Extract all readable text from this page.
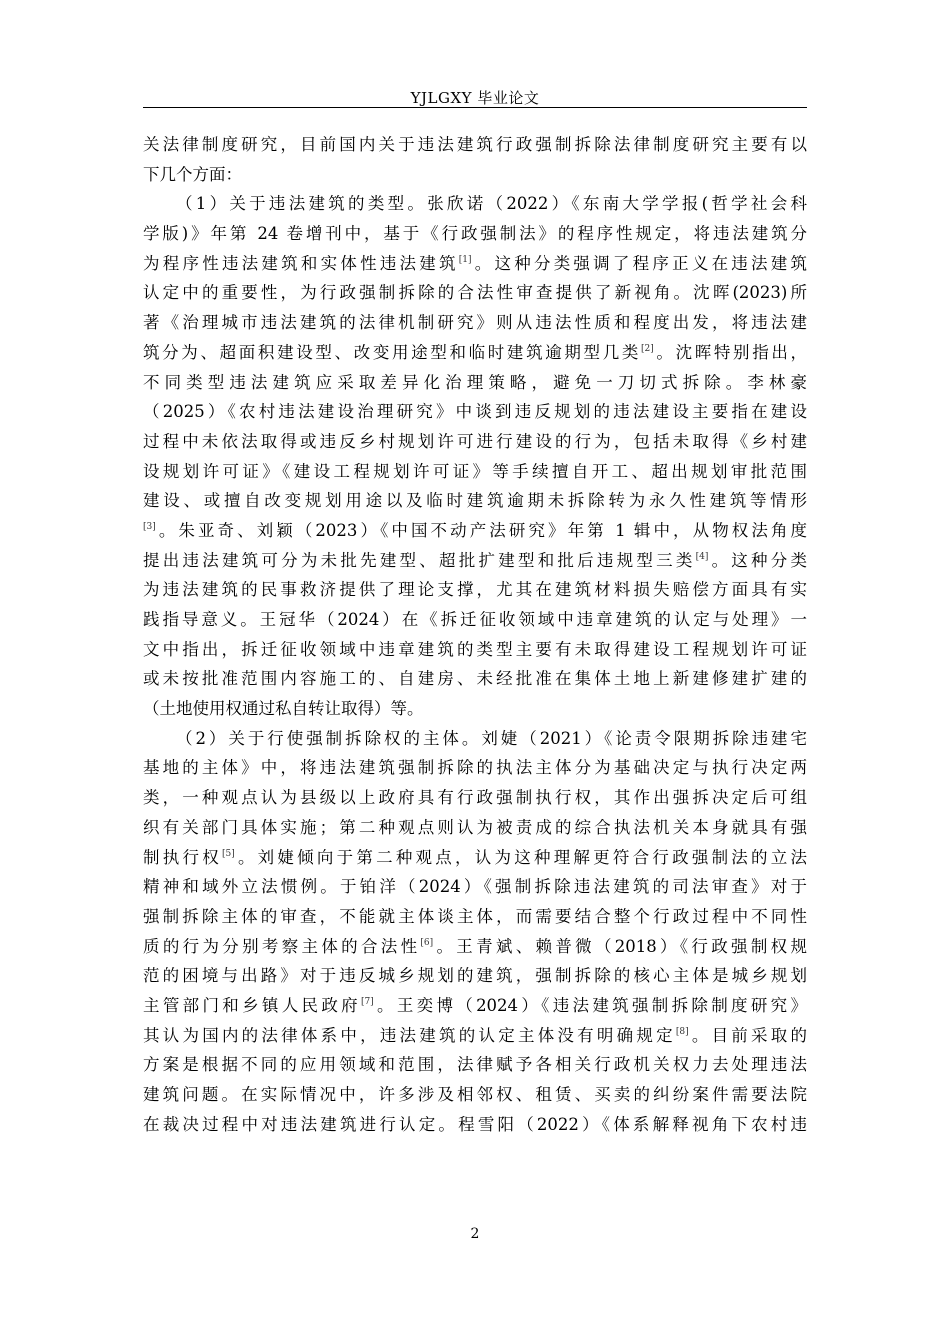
YJLGXY 毕业论文
关法律制度研究，目前国内关于违法建筑行政强制拆除法律制度研究主要有以
下几个方面：
（1）关于违法建筑的类型。张欣诺（2022）《东南大学学报(哲学社会科
学版)》年第 24 卷增刊中，基于《行政强制法》的程序性规定，将违法建筑分
为程序性违法建筑和实体性违法建筑[1]。这种分类强调了程序正义在违法建筑
认定中的重要性，为行政强制拆除的合法性审查提供了新视角。沈晖(2023)所
著《治理城市违法建筑的法律机制研究》则从违法性质和程度出发，将违法建
筑分为、超面积建设型、改变用途型和临时建筑逾期型几类[2]。沈晖特别指出，
不同类型违法建筑应采取差异化治理策略，避免一刀切式拆除。李林豪
（2025）《农村违法建设治理研究》中谈到违反规划的违法建设主要指在建设
过程中未依法取得或违反乡村规划许可进行建设的行为，包括未取得《乡村建
设规划许可证》《建设工程规划许可证》等手续擅自开工、超出规划审批范围
建设、或擅自改变规划用途以及临时建筑逾期未拆除转为永久性建筑等情形
[3]。朱亚奇、刘颖（2023）《中国不动产法研究》年第 1 辑中，从物权法角度
提出违法建筑可分为未批先建型、超批扩建型和批后违规型三类[4]。这种分类
为违法建筑的民事救济提供了理论支撑，尤其在建筑材料损失赔偿方面具有实
践指导意义。王冠华（2024）在《拆迁征收领域中违章建筑的认定与处理》一
文中指出，拆迁征收领域中违章建筑的类型主要有未取得建设工程规划许可证
或未按批准范围内容施工的、自建房、未经批准在集体土地上新建修建扩建的
（土地使用权通过私自转让取得）等。
（2）关于行使强制拆除权的主体。刘婕（2021）《论责令限期拆除违建宅
基地的主体》中，将违法建筑强制拆除的执法主体分为基础决定与执行决定两
类，一种观点认为县级以上政府具有行政强制执行权，其作出强拆决定后可组
织有关部门具体实施；第二种观点则认为被责成的综合执法机关本身就具有强
制执行权[5]。刘婕倾向于第二种观点，认为这种理解更符合行政强制法的立法
精神和域外立法惯例。于铂洋（2024）《强制拆除违法建筑的司法审查》对于
强制拆除主体的审查，不能就主体谈主体，而需要结合整个行政过程中不同性
质的行为分别考察主体的合法性[6]。王青斌、赖普微（2018）《行政强制权规
范的困境与出路》对于违反城乡规划的建筑，强制拆除的核心主体是城乡规划
主管部门和乡镇人民政府[7]。王奕博（2024）《违法建筑强制拆除制度研究》
其认为国内的法律体系中，违法建筑的认定主体没有明确规定[8]。目前采取的
方案是根据不同的应用领域和范围，法律赋予各相关行政机关权力去处理违法
建筑问题。在实际情况中，许多涉及相邻权、租赁、买卖的纠纷案件需要法院
在裁决过程中对违法建筑进行认定。程雪阳（2022）《体系解释视角下农村违
2
